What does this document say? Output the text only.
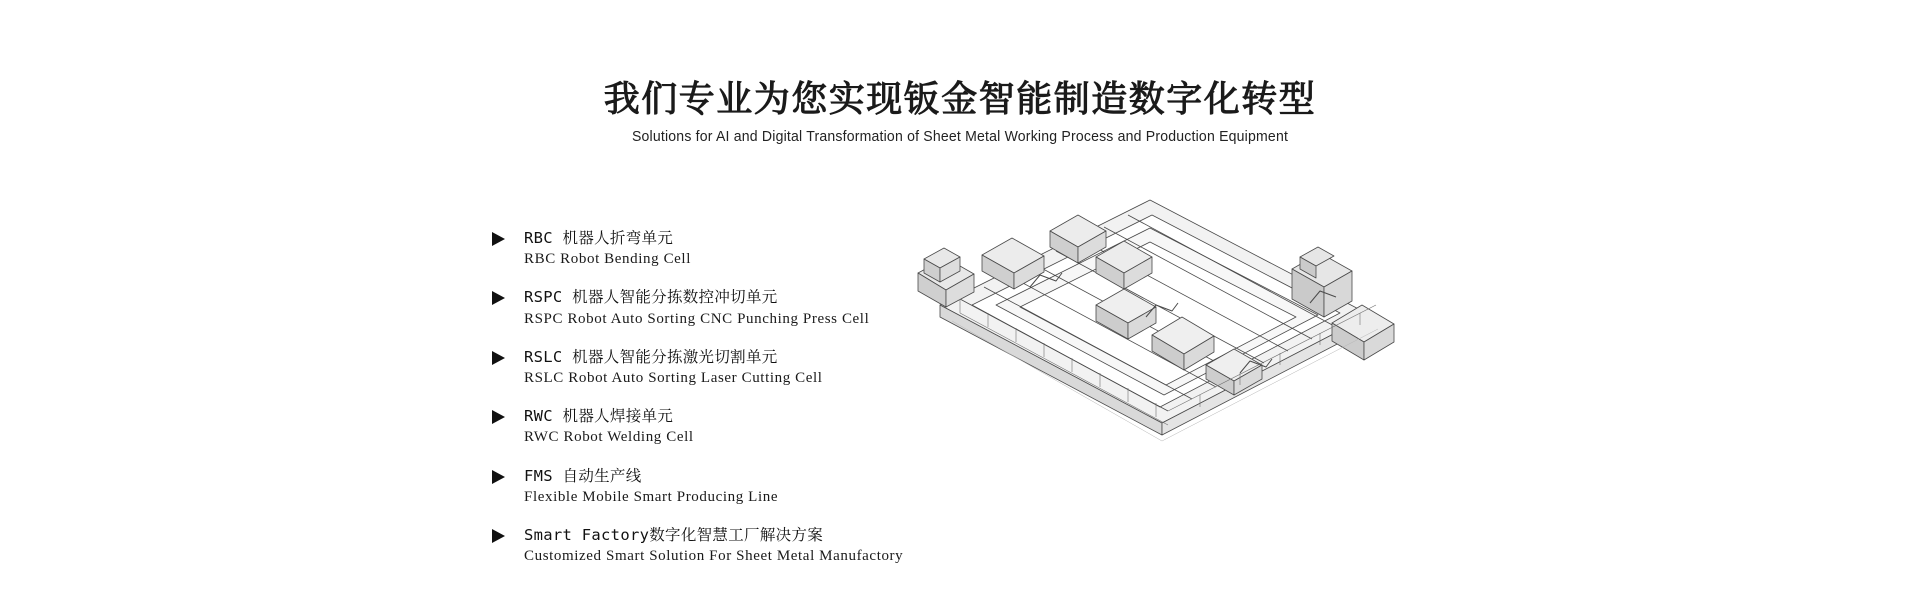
我们专业为您实现钣金智能制造数字化转型
Solutions for AI and Digital Transformation of Sheet Metal Working Process and Production Equipment
RBC 机器人折弯单元
RBC Robot Bending Cell
RSPC 机器人智能分拣数控冲切单元
RSPC Robot Auto Sorting CNC Punching Press Cell
RSLC 机器人智能分拣激光切割单元
RSLC Robot Auto Sorting Laser Cutting Cell
RWC 机器人焊接单元
RWC Robot Welding Cell
FMS 自动生产线
Flexible Mobile Smart Producing Line
Smart Factory数字化智慧工厂解决方案
Customized Smart Solution For Sheet Metal Manufactory
